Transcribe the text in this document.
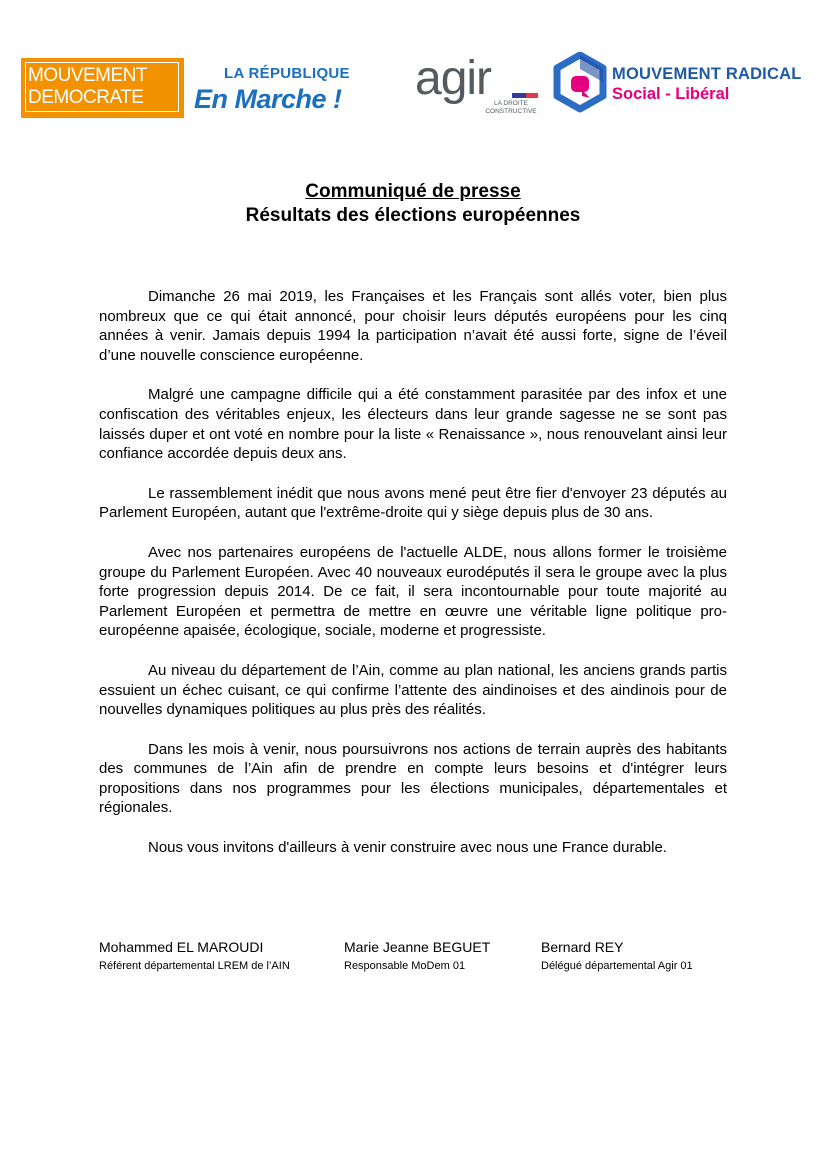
MOUVEMENT
DEMOCRATE
LA RÉPUBLIQUE
En Marche ! agir LA DROITE
CONSTRUCTIVE
MOUVEMENT RADICAL
Social - Libéral
Communiqué de presse
Résultats des élections européennes

Dimanche 26 mai 2019, les Françaises et les Français sont allés voter, bien plus nombreux que ce qui était annoncé, pour choisir leurs députés européens pour les cinq années à venir. Jamais depuis 1994 la participation n’avait été aussi forte, signe de l’éveil d’une nouvelle conscience européenne.

Malgré une campagne difficile qui a été constamment parasitée par des infox et une confiscation des véritables enjeux, les électeurs dans leur grande sagesse ne se sont pas laissés duper et ont voté en nombre pour la liste « Renaissance », nous renouvelant ainsi leur confiance accordée depuis deux ans.

Le rassemblement inédit que nous avons mené peut être fier d'envoyer 23 députés au Parlement Européen, autant que l'extrême-droite qui y siège depuis plus de 30 ans.

Avec nos partenaires européens de l'actuelle ALDE, nous allons former le troisième groupe du Parlement Européen. Avec 40 nouveaux eurodéputés il sera le groupe avec la plus forte progression depuis 2014. De ce fait, il sera incontournable pour toute majorité au Parlement Européen et permettra de mettre en œuvre une véritable ligne politique pro-européenne apaisée, écologique, sociale, moderne et progressiste.

Au niveau du département de l’Ain, comme au plan national, les anciens grands partis essuient un échec cuisant, ce qui confirme l’attente des aindinoises et des aindinois pour de nouvelles dynamiques politiques au plus près des réalités.

Dans les mois à venir, nous poursuivrons nos actions de terrain auprès des habitants des communes de l’Ain afin de prendre en compte leurs besoins et d'intégrer leurs propositions dans nos programmes pour les élections municipales, départementales et régionales.

Nous vous invitons d'ailleurs à venir construire avec nous une France durable.

Mohammed EL MAROUDI
Référent départemental LREM de l’AIN
Marie Jeanne BEGUET
Responsable MoDem 01
Bernard REY
Délégué départemental Agir 01
